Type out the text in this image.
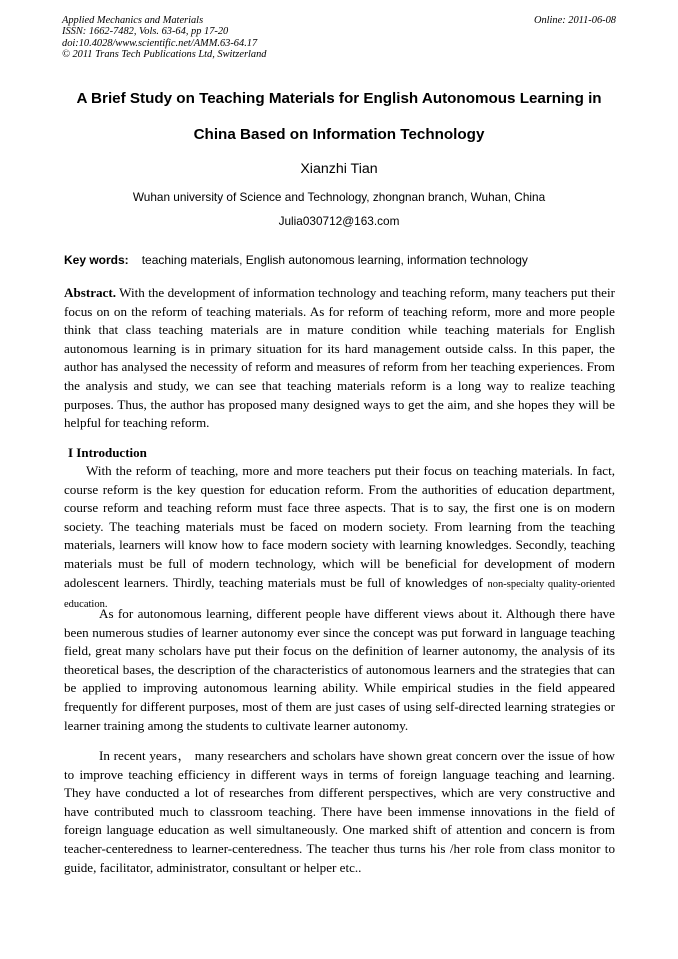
Applied Mechanics and Materials
ISSN: 1662-7482, Vols. 63-64, pp 17-20
doi:10.4028/www.scientific.net/AMM.63-64.17
© 2011 Trans Tech Publications Ltd, Switzerland
Online: 2011-06-08
A Brief Study on Teaching Materials for English Autonomous Learning in
China Based on Information Technology
Xianzhi Tian
Wuhan university of Science and Technology, zhongnan branch, Wuhan, China
Julia030712@163.com
Key words: teaching materials, English autonomous learning, information technology

Abstract. With the development of information technology and teaching reform, many teachers put their focus on on the reform of teaching materials. As for reform of teaching reform, more and more people think that class teaching materials are in mature condition while teaching materials for English autonomous learning is in primary situation for its hard management outside calss. In this paper, the author has analysed the necessity of reform and measures of reform from her teaching experiences. From the analysis and study, we can see that teaching materials reform is a long way to realize teaching purposes. Thus, the author has proposed many designed ways to get the aim, and she hopes they will be helpful for teaching reform.

I Introduction

With the reform of teaching, more and more teachers put their focus on teaching materials. In fact, course reform is the key question for education reform. From the authorities of education department, course reform and teaching reform must face three aspects. That is to say, the first one is on modern society. The teaching materials must be faced on modern society. From learning from the teaching materials, learners will know how to face modern society with learning knowledges. Secondly, teaching materials must be full of modern technology, which will be beneficial for development of modern adolescent learners. Thirdly, teaching materials must be full of knowledges of non-specialty quality-oriented education.

As for autonomous learning, different people have different views about it. Although there have been numerous studies of learner autonomy ever since the concept was put forward in language teaching field, great many scholars have put their focus on the definition of learner autonomy, the analysis of its theoretical bases, the description of the characteristics of autonomous learners and the strategies that can be applied to improving autonomous learning ability. While empirical studies in the field appeared frequently for different purposes, most of them are just cases of using self-directed learning strategies or learner training among the students to cultivate learner autonomy.

In recent years， many researchers and scholars have shown great concern over the issue of how to improve teaching efficiency in different ways in terms of foreign language teaching and learning. They have conducted a lot of researches from different perspectives, which are very constructive and have contributed much to classroom teaching. There have been immense innovations in the field of foreign language education as well simultaneously. One marked shift of attention and concern is from teacher-centeredness to learner-centeredness. The teacher thus turns his /her role from class monitor to guide, facilitator, administrator, consultant or helper etc..
